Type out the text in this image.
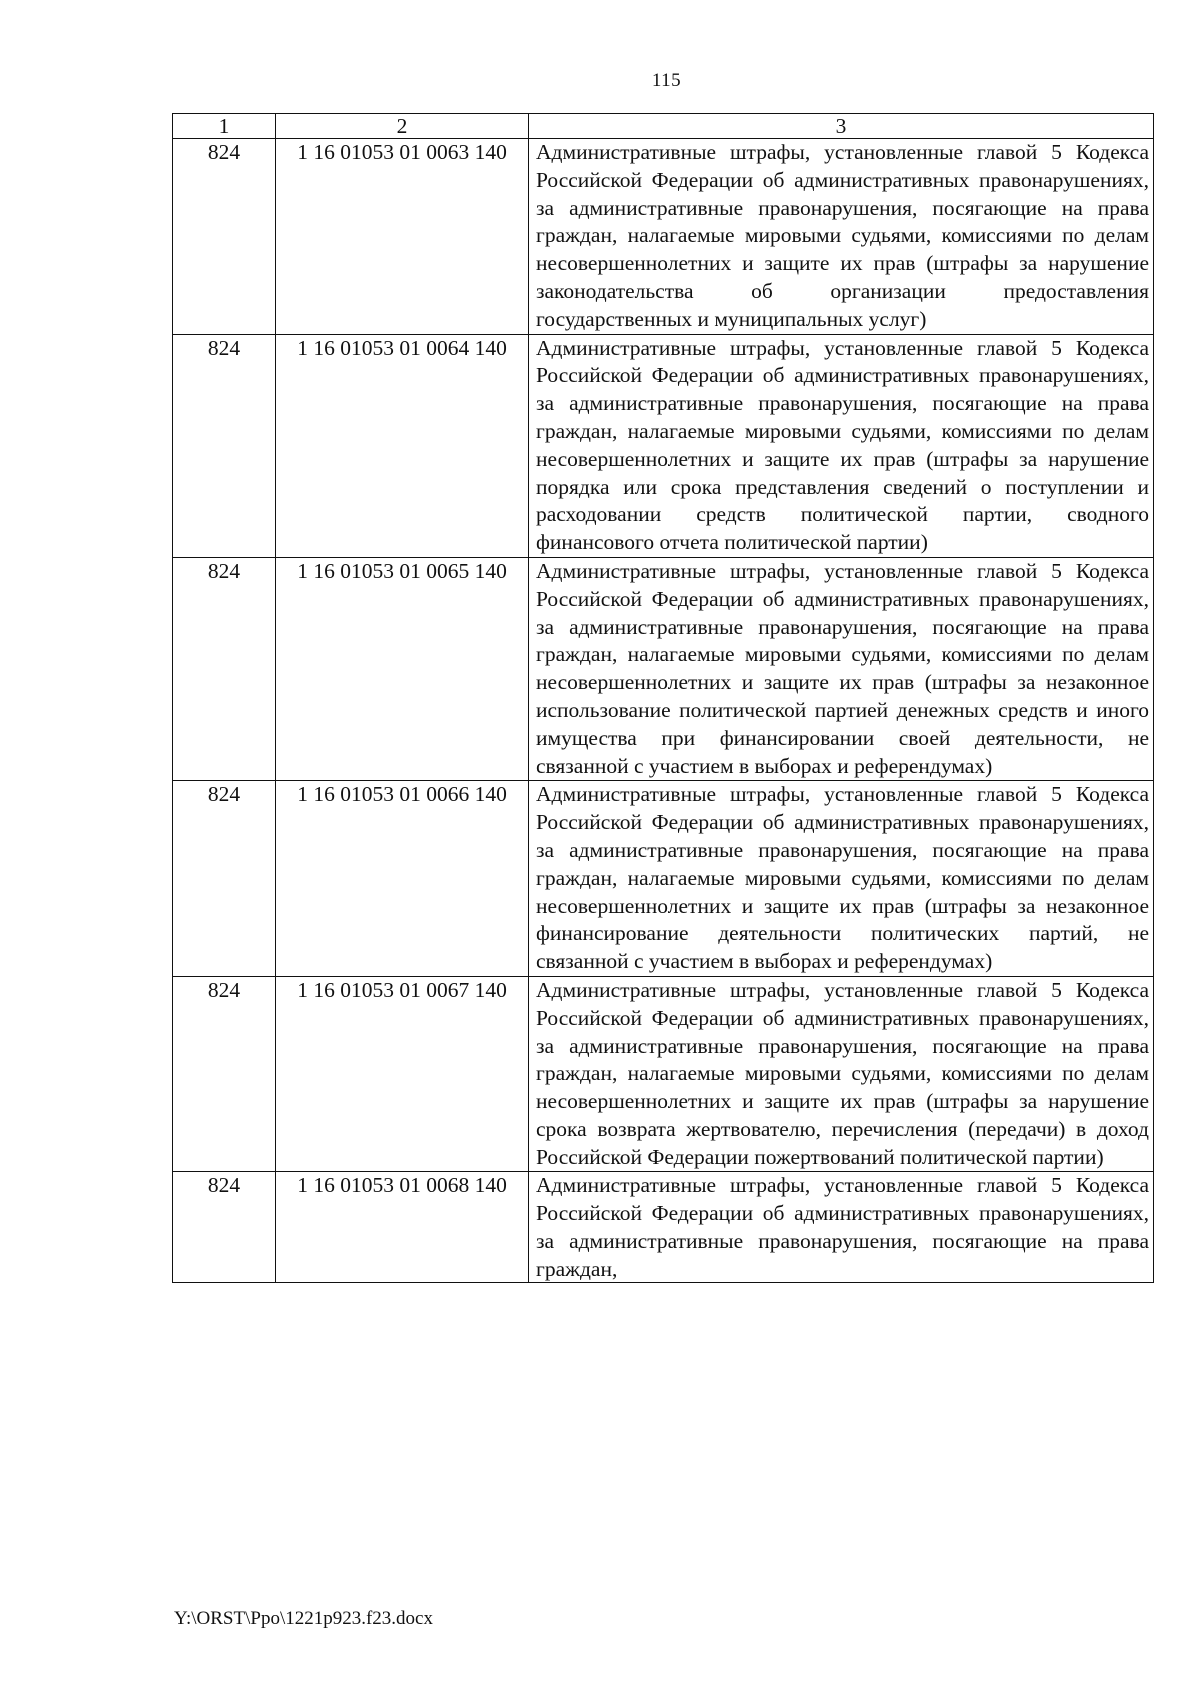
115
1	2	3
824	1 16 01053 01 0063 140	Административные штрафы, установленные главой 5 Кодекса Российской Федерации об административных правонарушениях, за административные правонарушения, посягающие на права граждан, налагаемые мировыми судьями, комиссиями по делам несовершеннолетних и защите их прав (штрафы за нарушение законодательства об организации предоставления государственных и муниципальных услуг)
824	1 16 01053 01 0064 140	Административные штрафы, установленные главой 5 Кодекса Российской Федерации об административных правонарушениях, за административные правонарушения, посягающие на права граждан, налагаемые мировыми судьями, комиссиями по делам несовершеннолетних и защите их прав (штрафы за нарушение порядка или срока представления сведений о поступлении и расходовании средств политической партии, сводного финансового отчета политической партии)
824	1 16 01053 01 0065 140	Административные штрафы, установленные главой 5 Кодекса Российской Федерации об административных правонарушениях, за административные правонарушения, посягающие на права граждан, налагаемые мировыми судьями, комиссиями по делам несовершеннолетних и защите их прав (штрафы за незаконное использование политической партией денежных средств и иного имущества при финансировании своей деятельности, не связанной с участием в выборах и референдумах)
824	1 16 01053 01 0066 140	Административные штрафы, установленные главой 5 Кодекса Российской Федерации об административных правонарушениях, за административные правонарушения, посягающие на права граждан, налагаемые мировыми судьями, комиссиями по делам несовершеннолетних и защите их прав (штрафы за незаконное финансирование деятельности политических партий, не связанной с участием в выборах и референдумах)
824	1 16 01053 01 0067 140	Административные штрафы, установленные главой 5 Кодекса Российской Федерации об административных правонарушениях, за административные правонарушения, посягающие на права граждан, налагаемые мировыми судьями, комиссиями по делам несовершеннолетних и защите их прав (штрафы за нарушение срока возврата жертвователю, перечисления (передачи) в доход Российской Федерации пожертвований политической партии)
824	1 16 01053 01 0068 140	Административные штрафы, установленные главой 5 Кодекса Российской Федерации об административных правонарушениях, за административные правонарушения, посягающие на права граждан,
Y:\ORST\Ppo\1221p923.f23.docx
